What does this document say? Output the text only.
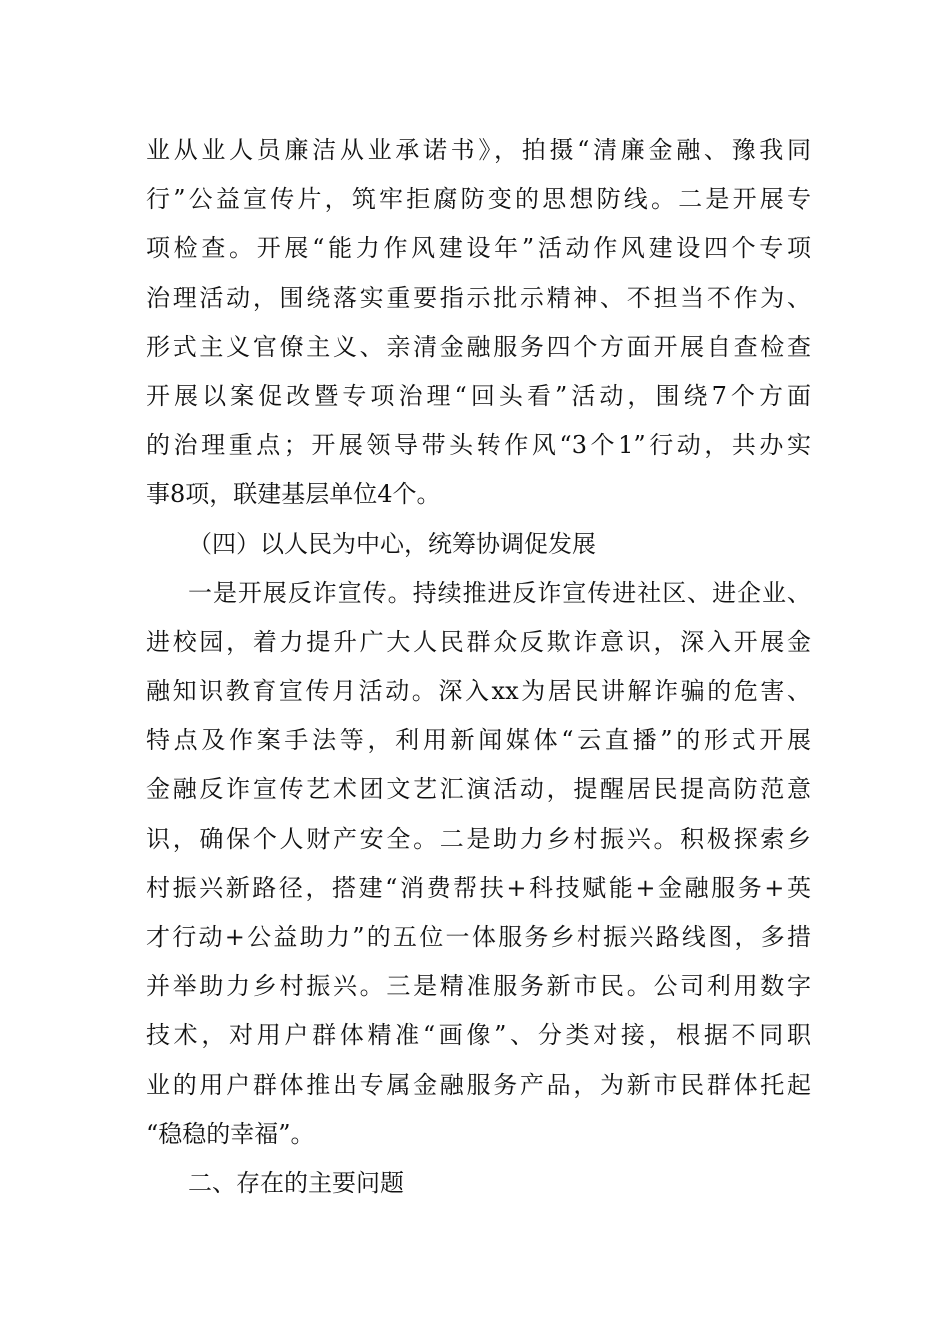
业从业人员廉洁从业承诺书》，拍摄“清廉金融、豫我同
行”公益宣传片，筑牢拒腐防变的思想防线。二是开展专
项检查。开展“能力作风建设年”活动作风建设四个专项
治理活动，围绕落实重要指示批示精神、不担当不作为、
形式主义官僚主义、亲清金融服务四个方面开展自查检查
开展以案促改暨专项治理“回头看”活动，围绕7个方面
的治理重点；开展领导带头转作风“3个1”行动，共办实
事8项，联建基层单位4个。
（四）以人民为中心，统筹协调促发展
一是开展反诈宣传。持续推进反诈宣传进社区、进企业、
进校园，着力提升广大人民群众反欺诈意识，深入开展金
融知识教育宣传月活动。深入xx为居民讲解诈骗的危害、
特点及作案手法等，利用新闻媒体“云直播”的形式开展
金融反诈宣传艺术团文艺汇演活动，提醒居民提高防范意
识，确保个人财产安全。二是助力乡村振兴。积极探索乡
村振兴新路径，搭建“消费帮扶+科技赋能+金融服务+英
才行动+公益助力”的五位一体服务乡村振兴路线图，多措
并举助力乡村振兴。三是精准服务新市民。公司利用数字
技术，对用户群体精准“画像”、分类对接，根据不同职
业的用户群体推出专属金融服务产品，为新市民群体托起
“稳稳的幸福”。
二、存在的主要问题
